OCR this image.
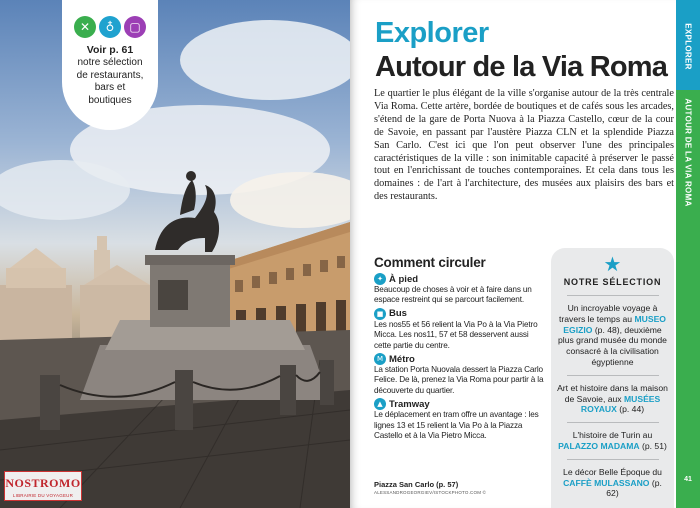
✕	♁	▢
Voir p. 61
notre sélection
de restaurants,
bars et
boutiques
NOSTROMO
LIBRAIRIE DU VOYAGEUR
Explorer
Autour de la Via Roma

Le quartier le plus élégant de la ville s'organise autour de la très centrale Via Roma. Cette artère, bordée de boutiques et de cafés sous les arcades, s'étend de la gare de Porta Nuova à la Piazza Castello, cœur de la cour de Savoie, en passant par l'austère Piazza CLN et la splendide Piazza San Carlo. C'est ici que l'on peut observer l'une des principales caractéristiques de la ville : son inimitable capacité à préserver le passé tout en l'enrichissant de touches contemporaines. Et cela dans tous les domaines : de l'art à l'architecture, des musées aux plaisirs des bars et des restaurants.

Comment circuler
✦ À pied
Beaucoup de choses à voir et à faire dans un espace restreint qui se parcourt facilement.
■ Bus
Les nos55 et 56 relient la Via Po à la Via Pietro Micca. Les nos11, 57 et 58 desservent aussi cette partie du centre.
M Métro
La station Porta Nuovala dessert la Piazza Carlo Felice. De là, prenez la Via Roma pour partir à la découverte du quartier.
▲ Tramway
Le déplacement en tram offre un avantage : les lignes 13 et 15 relient la Via Po à la Piazza Castello et à la Via Pietro Micca.
Piazza San Carlo (p. 57)
ALESSANDROGEORGIEV/ISTOCKPHOTO.COM ©
★
NOTRE SÉLECTION
Un incroyable voyage à travers le temps au MUSEO EGIZIO (p. 48), deuxième plus grand musée du monde consacré à la civilisation égyptienne
Art et histoire dans la maison de Savoie, aux MUSÉES ROYAUX (p. 44)
L'histoire de Turin au PALAZZO MADAMA (p. 51)
Le décor Belle Époque du CAFFÈ MULASSANO (p. 62)
EXPLORER
AUTOUR DE LA VIA ROMA
41
